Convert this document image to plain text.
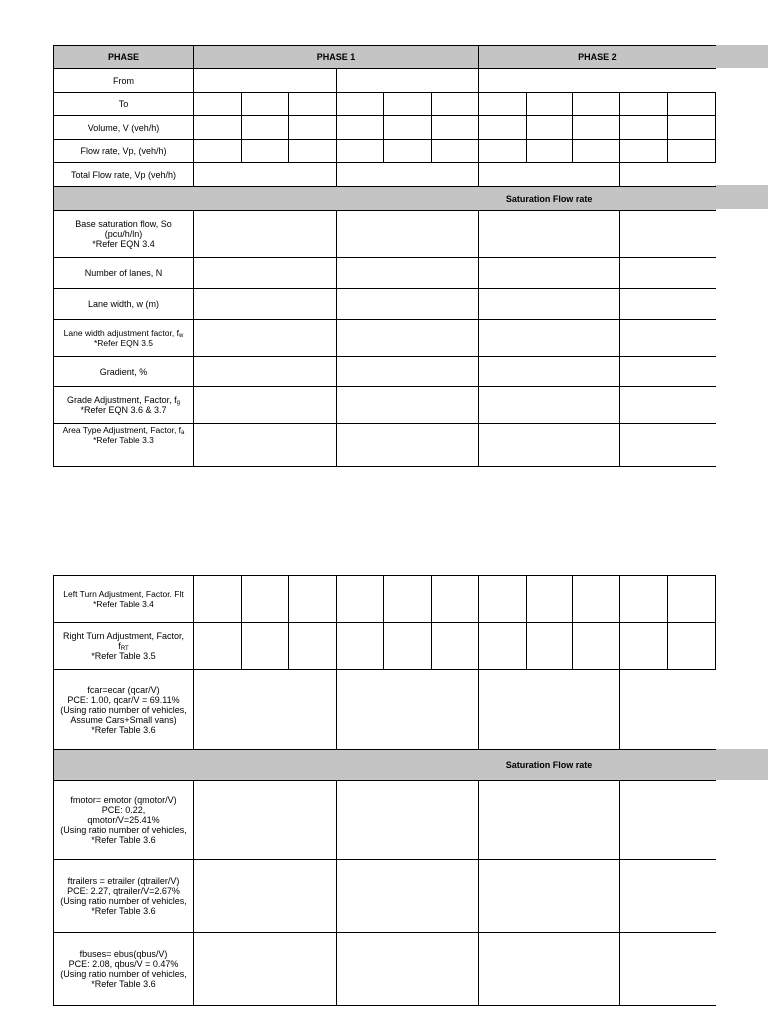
PHASE	PHASE 1						PHASE 2				
From											
To											
Volume, V (veh/h)											
Flow rate, Vp, (veh/h)											
Total Flow rate, Vp (veh/h)											
							Saturation Flow rate				
Base saturation flow, So
(pcu/h/ln)
*Refer EQN 3.4											
Number of lanes, N											
Lane width, w (m)											
Lane width adjustment factor, $f_w$
*Refer EQN 3.5											
Gradient, %											
Grade Adjustment, Factor, $f_g$
*Refer EQN 3.6 & 3.7											
Area Type Adjustment, Factor, $f_a$
*Refer Table 3.3											
Left Turn Adjustment, Factor. Flt
*Refer Table 3.4											
Right Turn Adjustment, Factor,
$f_{RT}$
*Refer Table 3.5											
fcar=ecar (qcar/V)
PCE: 1.00, qcar/V = 69.11%
(Using ratio number of vehicles,
Assume Cars+Small vans)
*Refer Table 3.6											
							Saturation Flow rate				
fmotor= emotor (qmotor/V)
PCE: 0.22,
qmotor/V=25.41%
(Using ratio number of vehicles,
*Refer Table 3.6											
ftrailers = etrailer (qtrailer/V)
PCE: 2.27, qtrailer/V=2.67%
(Using ratio number of vehicles,
*Refer Table 3.6											
fbuses= ebus(qbus/V)
PCE: 2.08, qbus/V = 0.47%
(Using ratio number of vehicles,
*Refer Table 3.6											
